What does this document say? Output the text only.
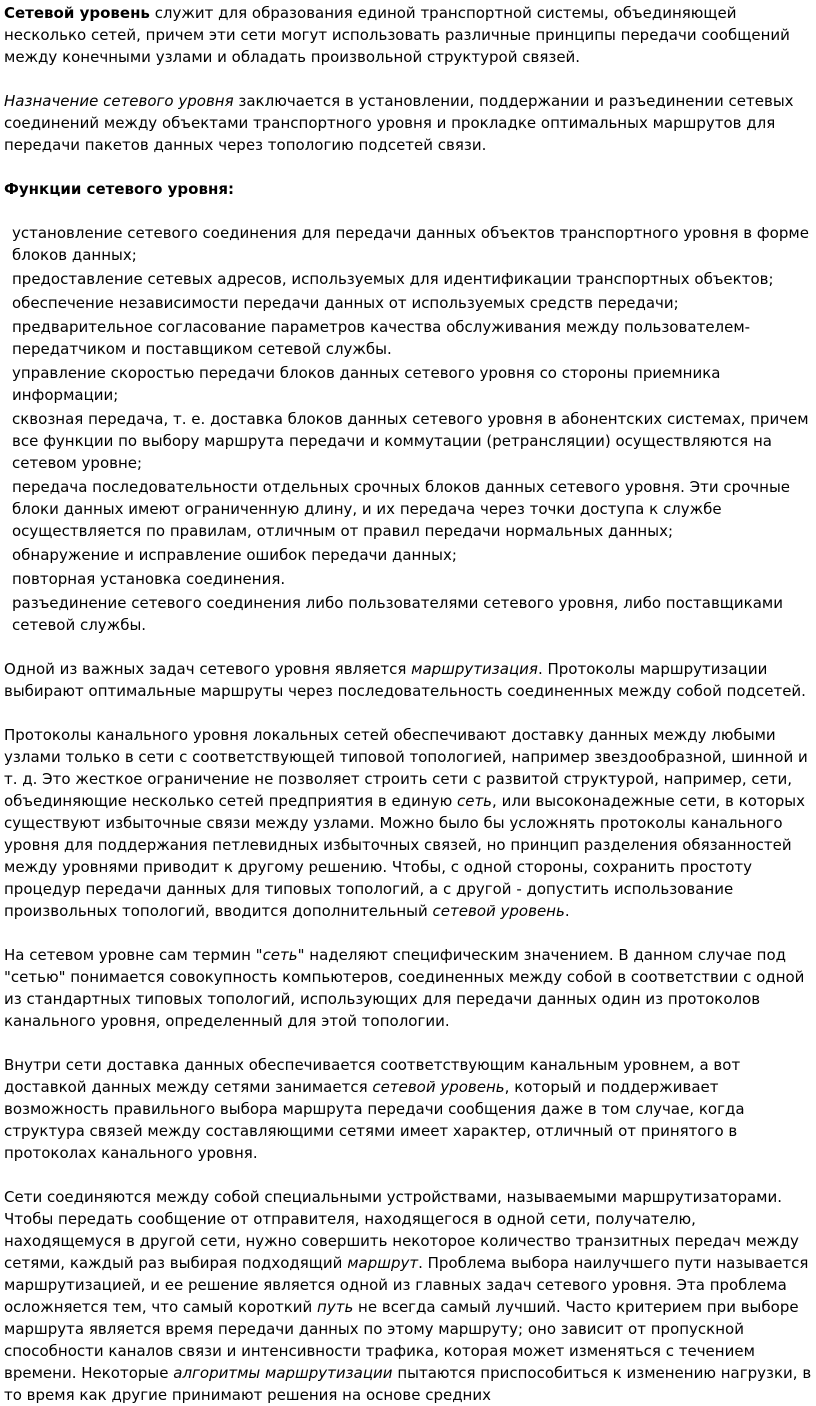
Сетевой уровень служит для образования единой транспортной системы, объединяющей несколько сетей, причем эти сети могут использовать различные принципы передачи сообщений между конечными узлами и обладать произвольной структурой связей.

Назначение сетевого уровня заключается в установлении, поддержании и разъединении сетевых соединений между объектами транспортного уровня и прокладке оптимальных маршрутов для передачи пакетов данных через топологию подсетей связи.

Функции сетевого уровня:

установление сетевого соединения для передачи данных объектов транспортного уровня в форме блоков данных;
предоставление сетевых адресов, используемых для идентификации транспортных объектов;
обеспечение независимости передачи данных от используемых средств передачи;
предварительное согласование параметров качества обслуживания между пользователем-передатчиком и поставщиком сетевой службы.
управление скоростью передачи блоков данных сетевого уровня со стороны приемника информации;
сквозная передача, т. е. доставка блоков данных сетевого уровня в абонентских системах, причем все функции по выбору маршрута передачи и коммутации (ретрансляции) осуществляются на сетевом уровне;
передача последовательности отдельных срочных блоков данных сетевого уровня. Эти срочные блоки данных имеют ограниченную длину, и их передача через точки доступа к службе осуществляется по правилам, отличным от правил передачи нормальных данных;
обнаружение и исправление ошибок передачи данных;
повторная установка соединения.
разъединение сетевого соединения либо пользователями сетевого уровня, либо поставщиками сетевой службы.

Одной из важных задач сетевого уровня является маршрутизация. Протоколы маршрутизации выбирают оптимальные маршруты через последовательность соединенных между собой подсетей.

Протоколы канального уровня локальных сетей обеспечивают доставку данных между любыми узлами только в сети с соответствующей типовой топологией, например звездообразной, шинной и т. д. Это жесткое ограничение не позволяет строить сети с развитой структурой, например, сети, объединяющие несколько сетей предприятия в единую сеть, или высоконадежные сети, в которых существуют избыточные связи между узлами. Можно было бы усложнять протоколы канального уровня для поддержания петлевидных избыточных связей, но принцип разделения обязанностей между уровнями приводит к другому решению. Чтобы, с одной стороны, сохранить простоту процедур передачи данных для типовых топологий, а с другой - допустить использование произвольных топологий, вводится дополнительный сетевой уровень.

На сетевом уровне сам термин "сеть" наделяют специфическим значением. В данном случае под "сетью" понимается совокупность компьютеров, соединенных между собой в соответствии с одной из стандартных типовых топологий, использующих для передачи данных один из протоколов канального уровня, определенный для этой топологии.

Внутри сети доставка данных обеспечивается соответствующим канальным уровнем, а вот доставкой данных между сетями занимается сетевой уровень, который и поддерживает возможность правильного выбора маршрута передачи сообщения даже в том случае, когда структура связей между составляющими сетями имеет характер, отличный от принятого в протоколах канального уровня.

Сети соединяются между собой специальными устройствами, называемыми маршрутизаторами. Чтобы передать сообщение от отправителя, находящегося в одной сети, получателю, находящемуся в другой сети, нужно совершить некоторое количество транзитных передач между сетями, каждый раз выбирая подходящий маршрут. Проблема выбора наилучшего пути называется маршрутизацией, и ее решение является одной из главных задач сетевого уровня. Эта проблема осложняется тем, что самый короткий путь не всегда самый лучший. Часто критерием при выборе маршрута является время передачи данных по этому маршруту; оно зависит от пропускной способности каналов связи и интенсивности трафика, которая может изменяться с течением времени. Некоторые алгоритмы маршрутизации пытаются приспособиться к изменению нагрузки, в то время как другие принимают решения на основе средних
